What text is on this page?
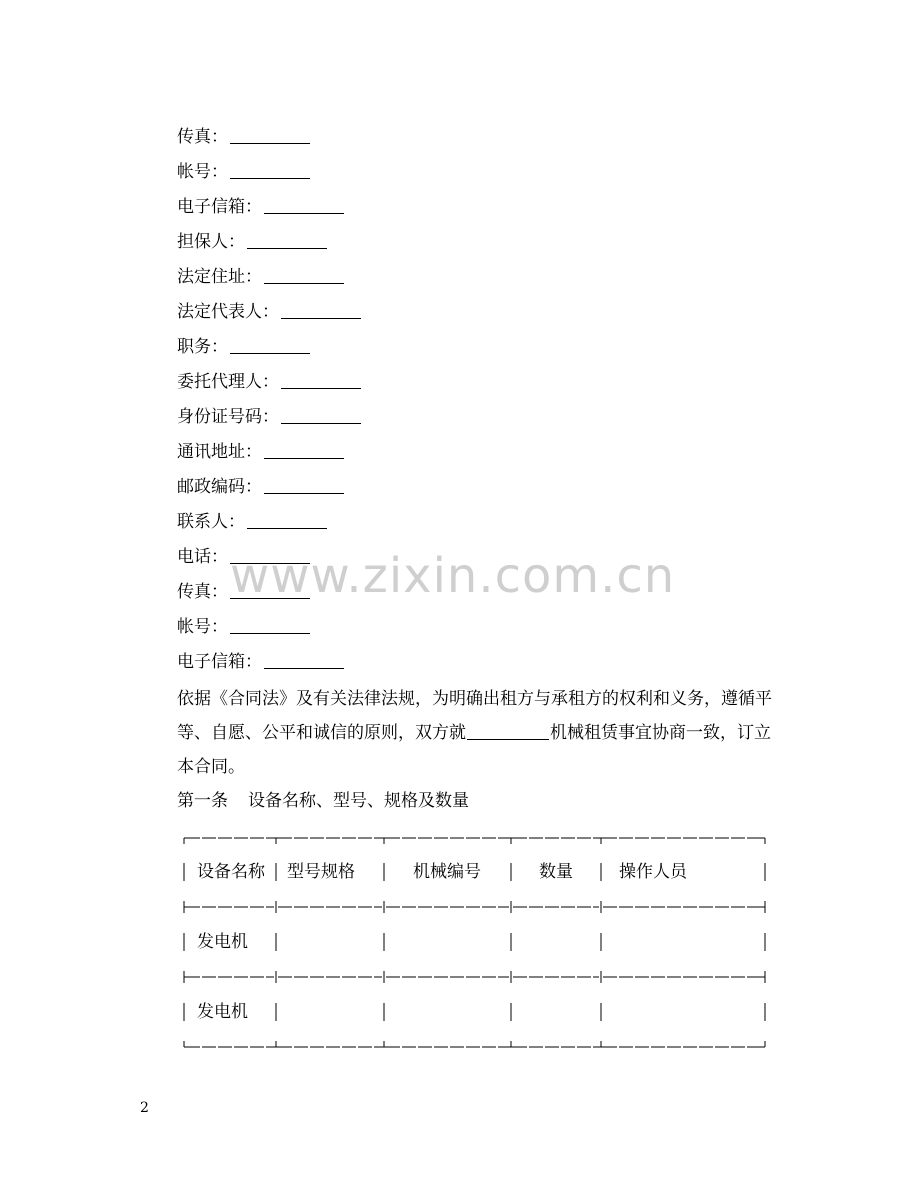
传真：
帐号：
电子信箱：
担保人：
法定住址：
法定代表人：
职务：
委托代理人：
身份证号码：
通讯地址：
邮政编码：
联系人：
电话：
传真：
帐号：
电子信箱：
依据《合同法》及有关法律法规，为明确出租方与承租方的权利和义务，遵循平等、自愿、公平和诚信的原则，双方就	机械租赁事宜协商一致，订立本合同。
第一条 设备名称、型号、规格及数量
设备名称 型号规格	机械编号	数量	操作人员
发电机
发电机
www.zixin.com.cn
2
